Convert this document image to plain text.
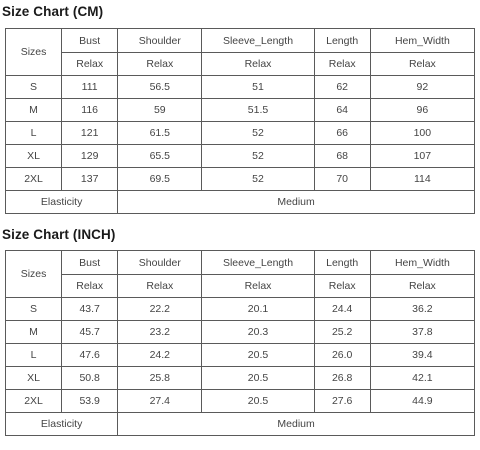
Size Chart (CM)
Sizes	Bust	Shoulder	Sleeve_Length	Length	Hem_Width
	Relax	Relax	Relax	Relax	Relax
S	111	56.5	51	62	92
M	116	59	51.5	64	96
L	121	61.5	52	66	100
XL	129	65.5	52	68	107
2XL	137	69.5	52	70	114
Elasticity		Medium			
Size Chart (INCH)
Sizes	Bust	Shoulder	Sleeve_Length	Length	Hem_Width
	Relax	Relax	Relax	Relax	Relax
S	43.7	22.2	20.1	24.4	36.2
M	45.7	23.2	20.3	25.2	37.8
L	47.6	24.2	20.5	26.0	39.4
XL	50.8	25.8	20.5	26.8	42.1
2XL	53.9	27.4	20.5	27.6	44.9
Elasticity		Medium			
